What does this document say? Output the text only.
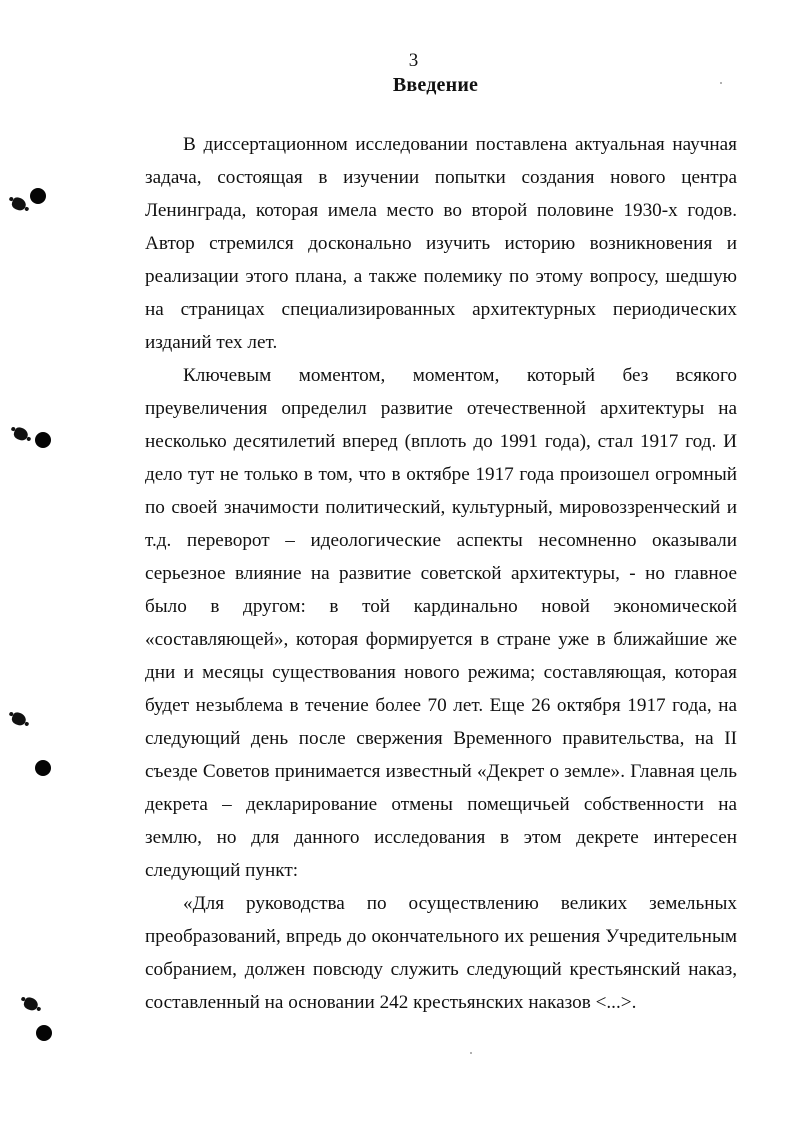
3
Введение

В диссертационном исследовании поставлена актуальная научная задача, состоящая в изучении попытки создания нового центра Ленинграда, которая имела место во второй половине 1930-х годов. Автор стремился досконально изучить историю возникновения и реализации этого плана, а также полемику по этому вопросу, шедшую на страницах специализированных архитектурных периодических изданий тех лет.

Ключевым моментом, моментом, который без всякого преувеличения определил развитие отечественной архитектуры на несколько десятилетий вперед (вплоть до 1991 года), стал 1917 год. И дело тут не только в том, что в октябре 1917 года произошел огромный по своей значимости политический, культурный, мировоззренческий и т.д. переворот – идеологические аспекты несомненно оказывали серьезное влияние на развитие советской архитектуры, - но главное было в другом: в той кардинально новой экономической «составляющей», которая формируется в стране уже в ближайшие же дни и месяцы существования нового режима; составляющая, которая будет незыблема в течение более 70 лет. Еще 26 октября 1917 года, на следующий день после свержения Временного правительства, на II съезде Советов принимается известный «Декрет о земле». Главная цель декрета – декларирование отмены помещичьей собственности на землю, но для данного исследования в этом декрете интересен следующий пункт:

«Для руководства по осуществлению великих земельных преобразований, впредь до окончательного их решения Учредительным собранием, должен повсюду служить следующий крестьянский наказ, составленный на основании 242 крестьянских наказов <...>.
